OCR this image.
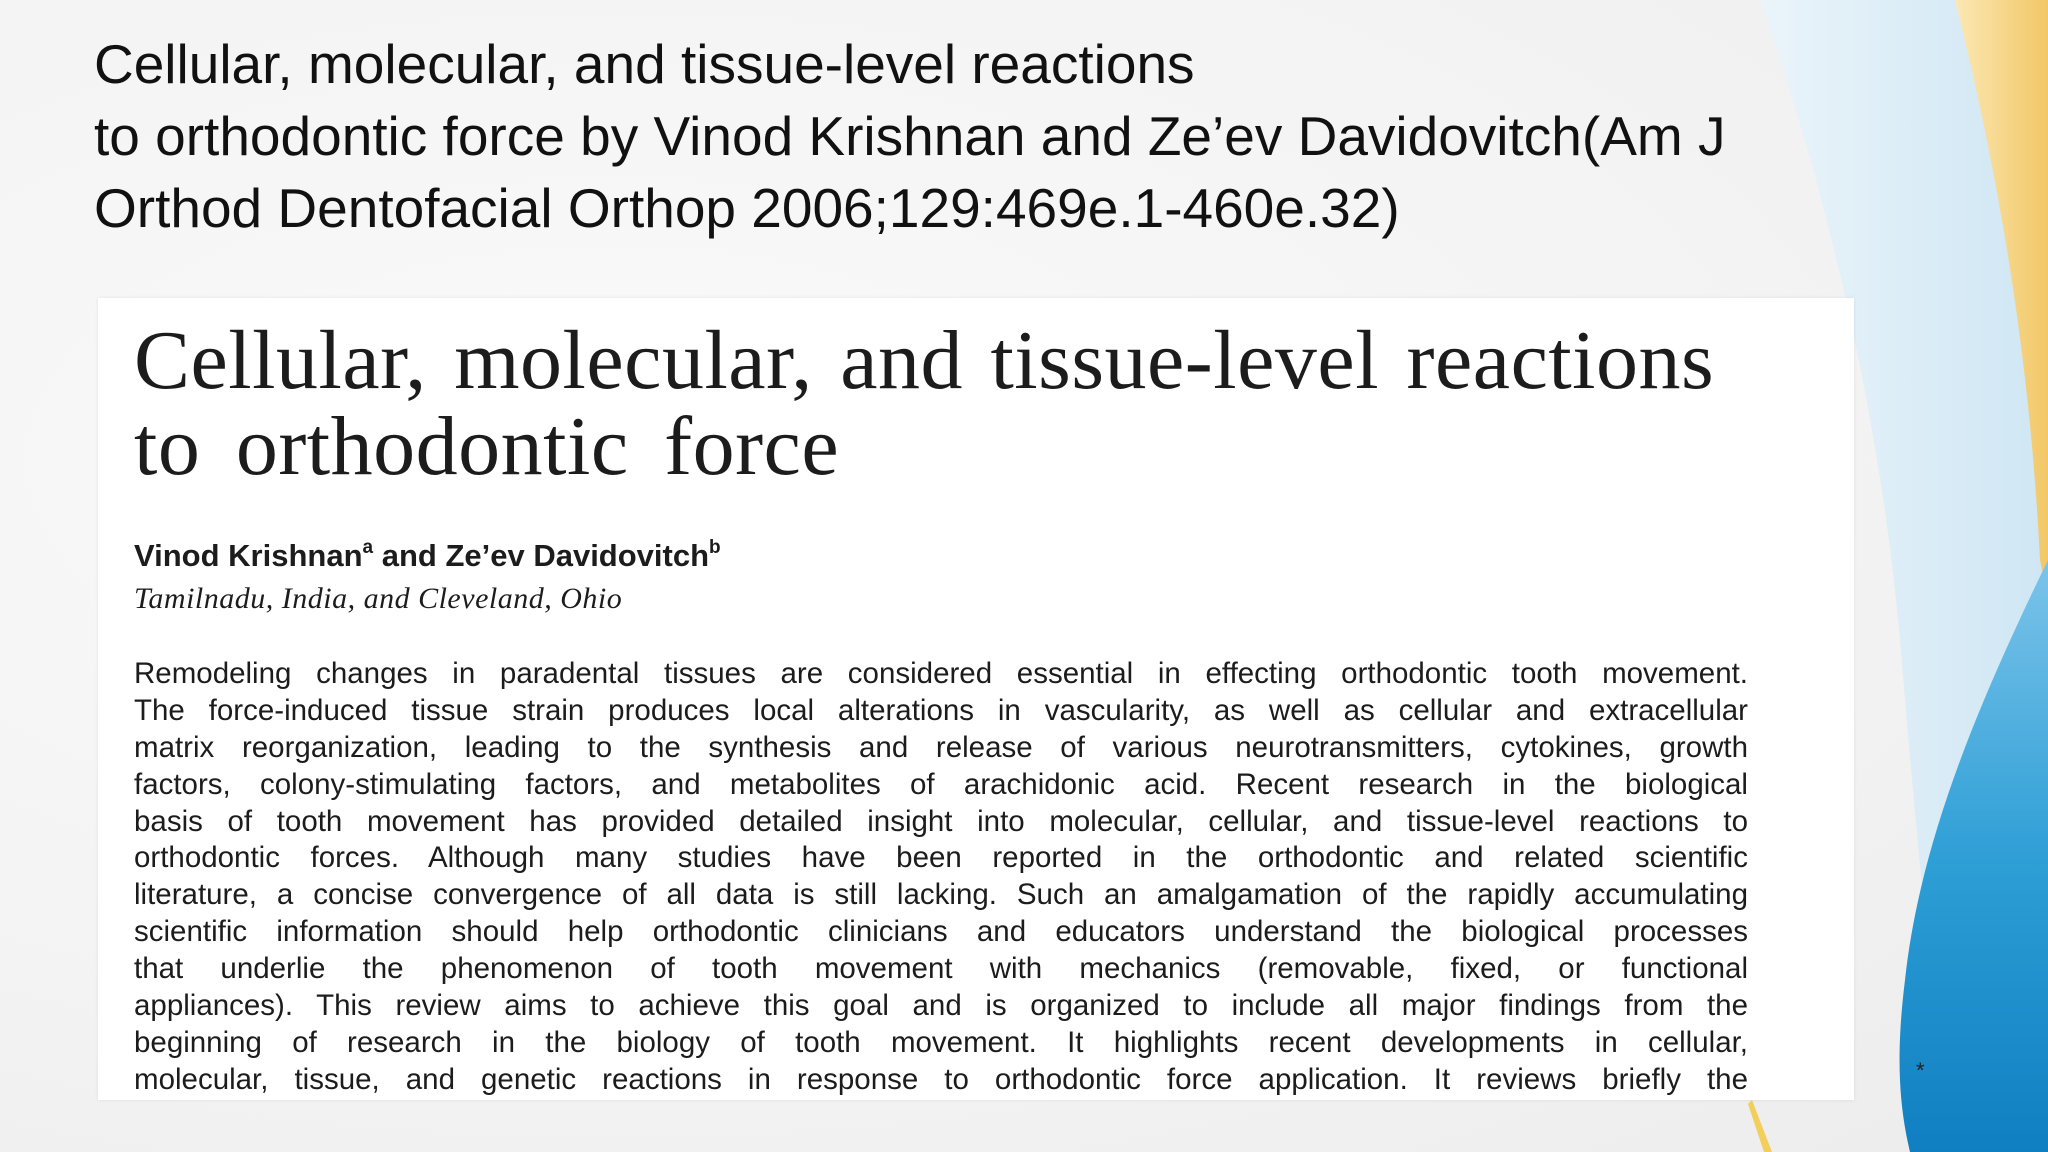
Cellular, molecular, and tissue-level reactions
to orthodontic force by Vinod Krishnan and Ze’ev Davidovitch(Am J
Orthod Dentofacial Orthop 2006;129:469e.1-460e.32)
Cellular, molecular, and tissue-level reactions
to orthodontic force
Vinod Krishnan$^a$ and Ze’ev Davidovitch$^b$
Tamilnadu, India, and Cleveland, Ohio
Remodeling changes in paradental tissues are considered essential in effecting orthodontic tooth movement.
The force-induced tissue strain produces local alterations in vascularity, as well as cellular and extracellular
matrix reorganization, leading to the synthesis and release of various neurotransmitters, cytokines, growth
factors, colony-stimulating factors, and metabolites of arachidonic acid. Recent research in the biological
basis of tooth movement has provided detailed insight into molecular, cellular, and tissue-level reactions to
orthodontic forces. Although many studies have been reported in the orthodontic and related scientific
literature, a concise convergence of all data is still lacking. Such an amalgamation of the rapidly accumulating
scientific information should help orthodontic clinicians and educators understand the biological processes
that underlie the phenomenon of tooth movement with mechanics (removable, fixed, or functional
appliances). This review aims to achieve this goal and is organized to include all major findings from the
beginning of research in the biology of tooth movement. It highlights recent developments in cellular,
molecular, tissue, and genetic reactions in response to orthodontic force application. It reviews briefly the	*
